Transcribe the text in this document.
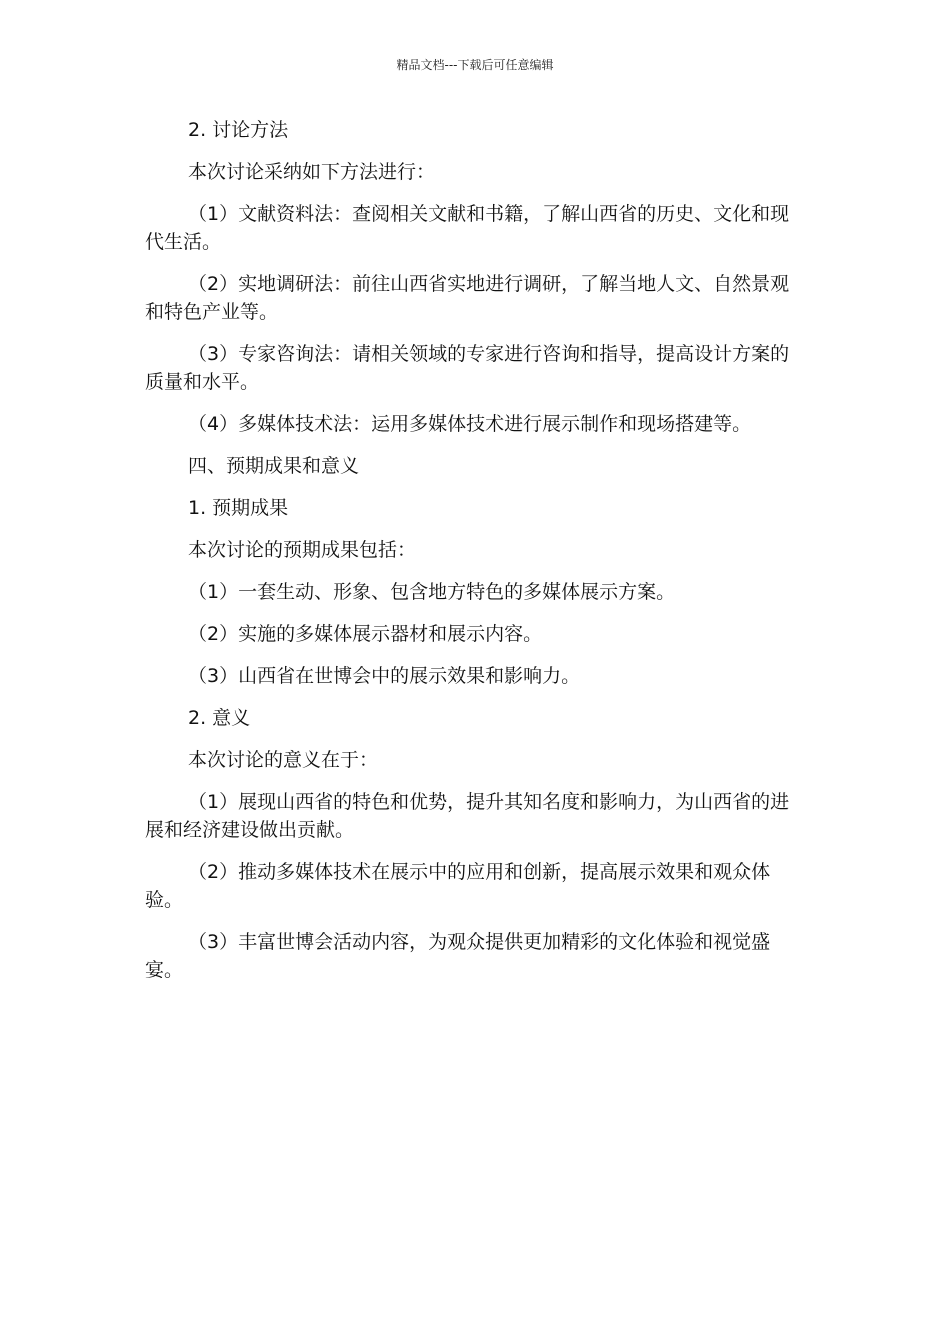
精品文档---下载后可任意编辑

2. 讨论方法

本次讨论采纳如下方法进行：

（1）文献资料法：查阅相关文献和书籍，了解山西省的历史、文化和现代生活。

（2）实地调研法：前往山西省实地进行调研，了解当地人文、自然景观和特色产业等。

（3）专家咨询法：请相关领域的专家进行咨询和指导，提高设计方案的质量和水平。

（4）多媒体技术法：运用多媒体技术进行展示制作和现场搭建等。

四、预期成果和意义

1. 预期成果

本次讨论的预期成果包括：

（1）一套生动、形象、包含地方特色的多媒体展示方案。

（2）实施的多媒体展示器材和展示内容。

（3）山西省在世博会中的展示效果和影响力。

2. 意义

本次讨论的意义在于：

（1）展现山西省的特色和优势，提升其知名度和影响力，为山西省的进展和经济建设做出贡献。

（2）推动多媒体技术在展示中的应用和创新，提高展示效果和观众体验。

（3）丰富世博会活动内容，为观众提供更加精彩的文化体验和视觉盛宴。
